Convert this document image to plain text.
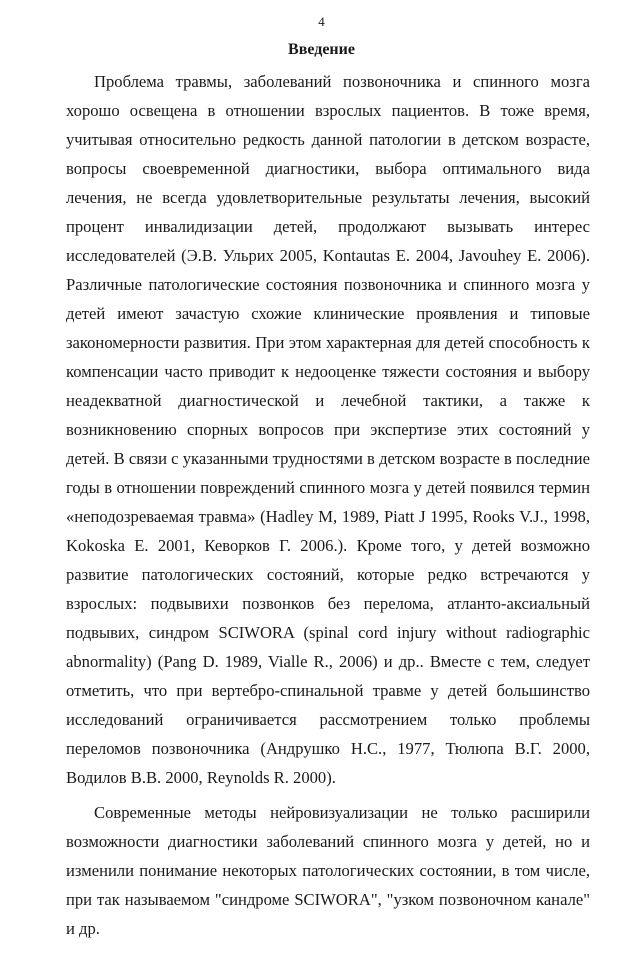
4
Введение

Проблема травмы, заболеваний позвоночника и спинного мозга хорошо освещена в отношении взрослых пациентов. В тоже время, учитывая относительно редкость данной патологии в детском возрасте, вопросы своевременной диагностики, выбора оптимального вида лечения, не всегда удовлетворительные результаты лечения, высокий процент инвалидизации детей, продолжают вызывать интерес исследователей (Э.В. Ульрих 2005, Kontautas E. 2004, Javouhey E. 2006). Различные патологические состояния позвоночника и спинного мозга у детей имеют зачастую схожие клинические проявления и типовые закономерности развития. При этом характерная для детей способность к компенсации часто приводит к недооценке тяжести состояния и выбору неадекватной диагностической и лечебной тактики, а также к возникновению спорных вопросов при экспертизе этих состояний у детей. В связи с указанными трудностями в детском возрасте в последние годы в отношении повреждений спинного мозга у детей появился термин «неподозреваемая травма» (Hadley M, 1989, Piatt J 1995, Rooks V.J., 1998, Kokoska E. 2001, Кеворков Г. 2006.). Кроме того, у детей возможно развитие патологических состояний, которые редко встречаются у взрослых: подвывихи позвонков без перелома, атланто-аксиальный подвывих, синдром SCIWORA (spinal cord injury without radiographic abnormality) (Pang D. 1989, Vialle R., 2006) и др.. Вместе с тем, следует отметить, что при вертебро-спинальной травме у детей большинство исследований ограничивается рассмотрением только проблемы переломов позвоночника (Андрушко Н.С., 1977, Тюлюпа В.Г. 2000, Водилов В.В. 2000, Reynolds R. 2000).

Современные методы нейровизуализации не только расширили возможности диагностики заболеваний спинного мозга у детей, но и изменили понимание некоторых патологических состоянии, в том числе, при так называемом "синдроме SCIWORA", "узком позвоночном канале" и др.
